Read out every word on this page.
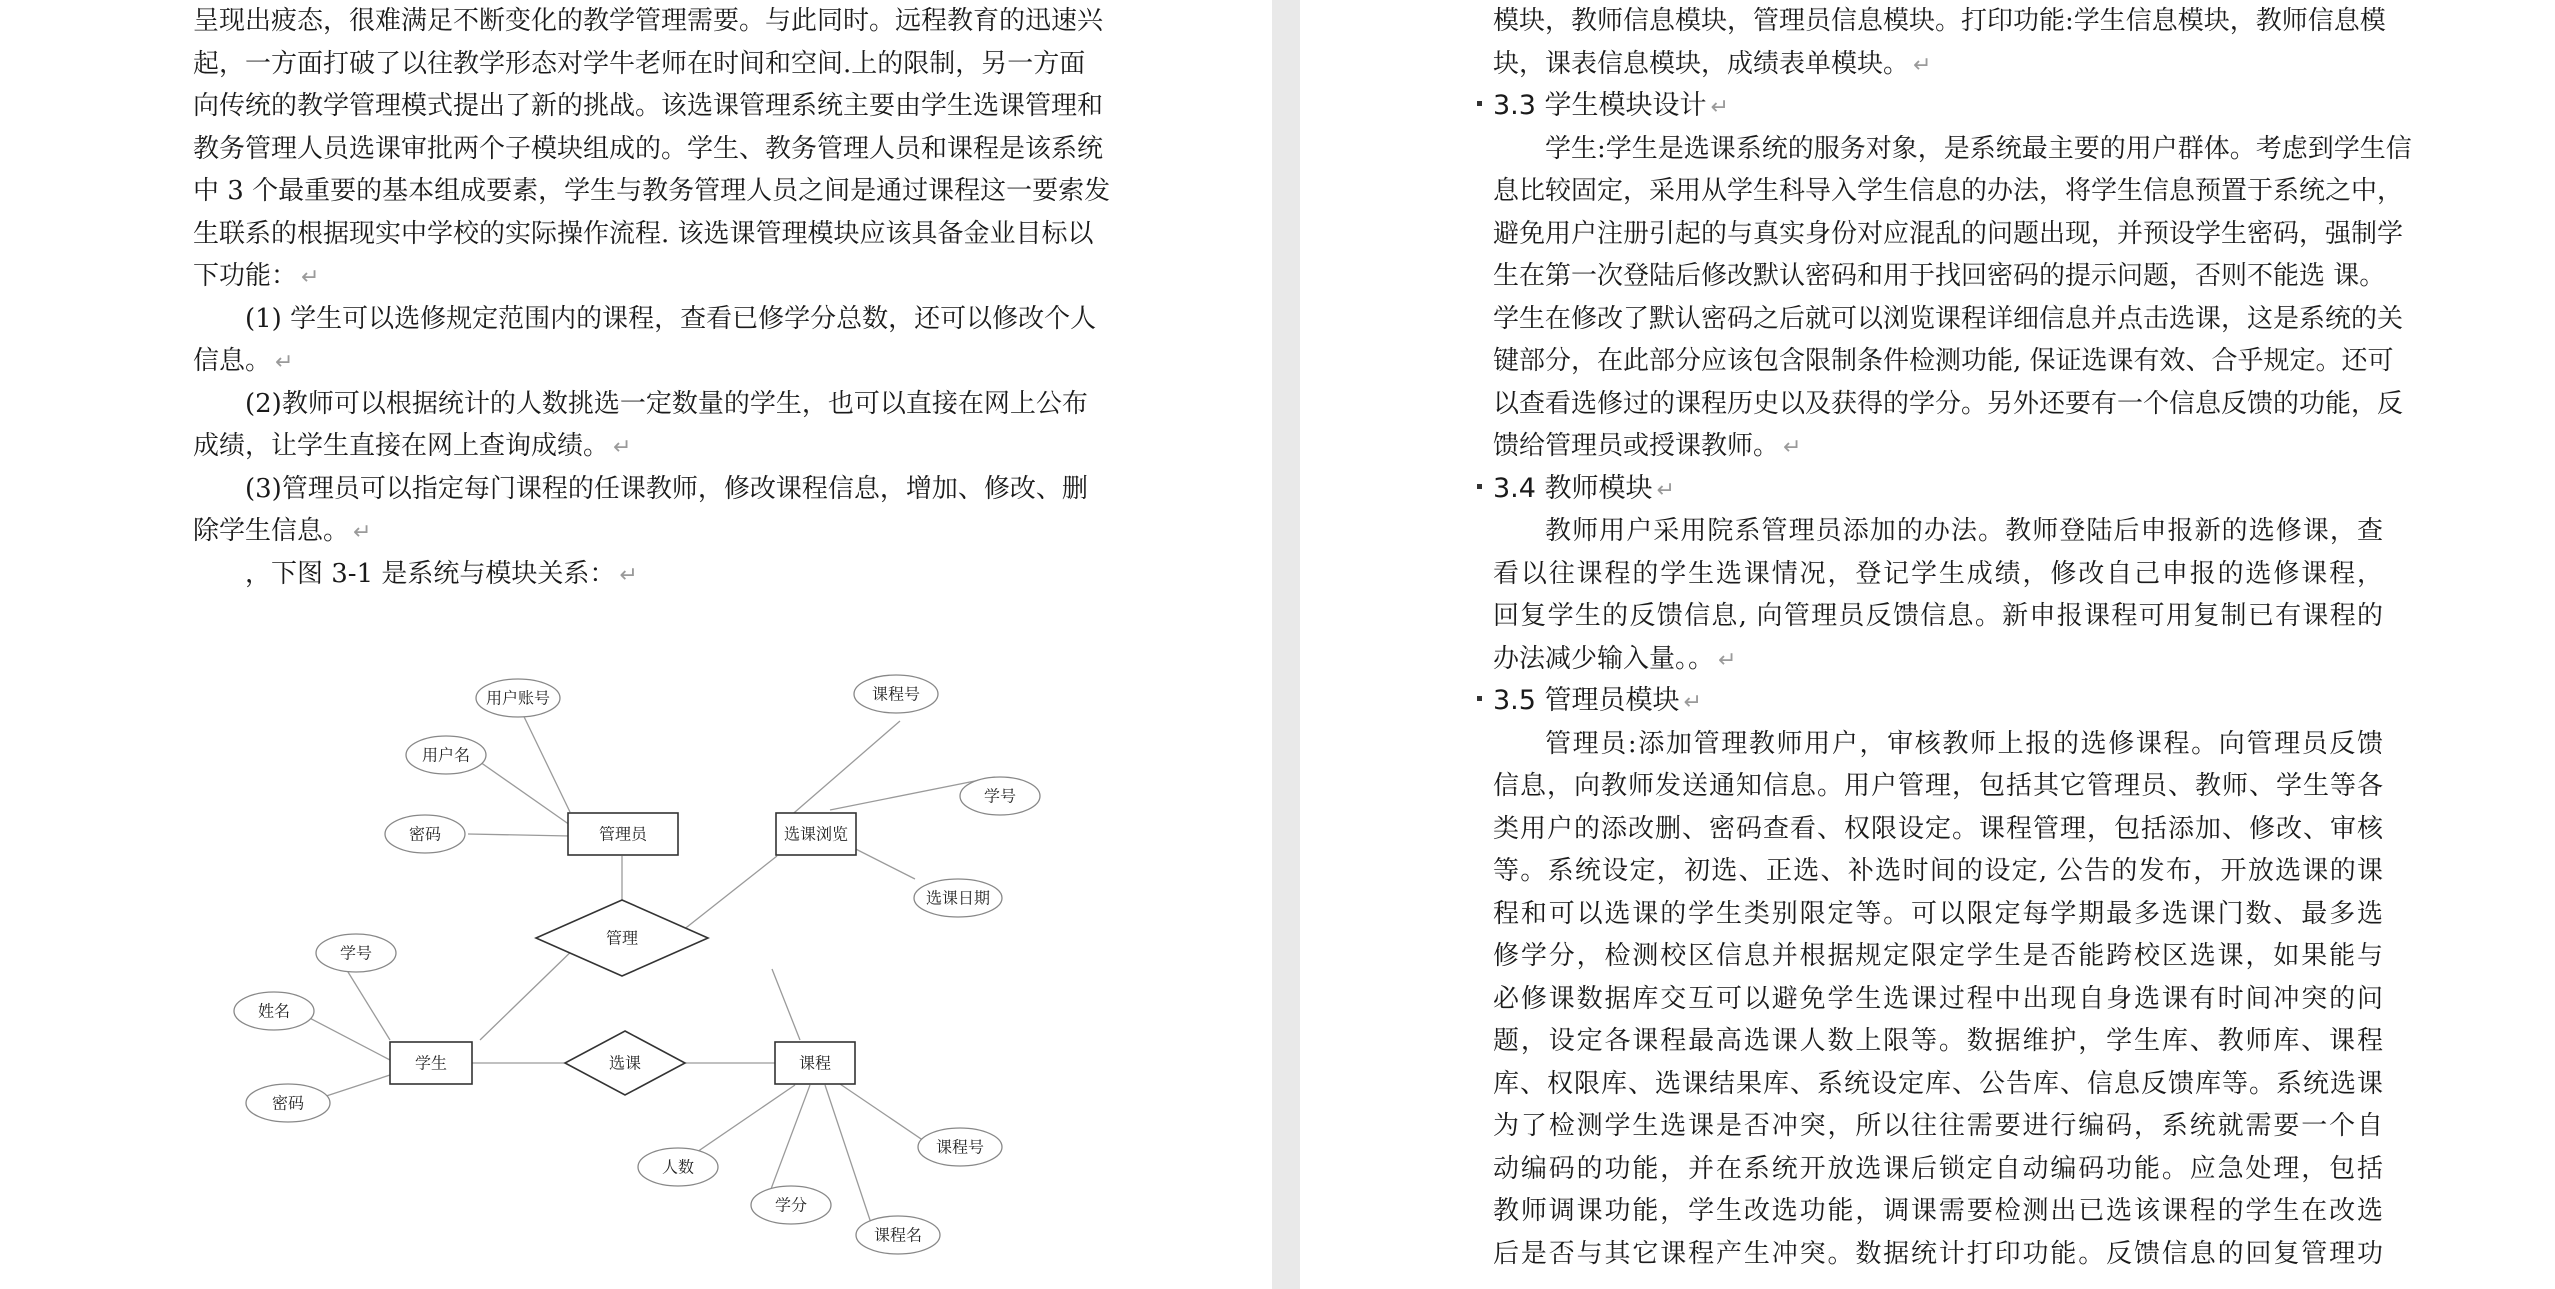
呈现出疲态，很难满足不断变化的教学管理需要。与此同时。远程教育的迅速兴
起，一方面打破了以往教学形态对学牛老师在时间和空间.上的限制，另一方面
向传统的教学管理模式提出了新的挑战。该选课管理系统主要由学生选课管理和
教务管理人员选课审批两个子模块组成的。学生、教务管理人员和课程是该系统
中 3 个最重要的基本组成要素，学生与教务管理人员之间是通过课程这一要索发
生联系的根据现实中学校的实际操作流程. 该选课管理模块应该具备金业目标以
下功能： ↵
(1) 学生可以选修规定范围内的课程，查看已修学分总数，还可以修改个人
信息。 ↵
(2)教师可以根据统计的人数挑选一定数量的学生，也可以直接在网上公布
成绩，让学生直接在网上查询成绩。 ↵
(3)管理员可以指定每门课程的任课教师，修改课程信息，增加、修改、删
除学生信息。 ↵
，下图 3-1 是系统与模块关系： ↵
管理员	选课浏览
学生	课程
管理
选课
用户账号
用户名
密码
课程号
学号
选课日期
学号
姓名
密码
人数
学分
课程名
课程号
模块，教师信息模块，管理员信息模块。打印功能:学生信息模块，教师信息模
块，课表信息模块，成绩表单模块。 ↵
3.3 学生模块设计 ↵
学生:学生是选课系统的服务对象，是系统最主要的用户群体。考虑到学生信
息比较固定，采用从学生科导入学生信息的办法，将学生信息预置于系统之中，
避免用户注册引起的与真实身份对应混乱的问题出现，并预设学生密码，强制学
生在第一次登陆后修改默认密码和用于找回密码的提示问题，否则不能选 课。
学生在修改了默认密码之后就可以浏览课程详细信息并点击选课，这是系统的关
键部分，在此部分应该包含限制条件检测功能, 保证选课有效、合乎规定。还可
以查看选修过的课程历史以及获得的学分。另外还要有一个信息反馈的功能，反
馈给管理员或授课教师。 ↵
3.4 教师模块 ↵
教师用户采用院系管理员添加的办法。教师登陆后申报新的选修课，查
看以往课程的学生选课情况，登记学生成绩，修改自己申报的选修课程，
回复学生的反馈信息, 向管理员反馈信息。新申报课程可用复制已有课程的
办法减少输入量。。 ↵
3.5 管理员模块 ↵
管理员:添加管理教师用户，审核教师上报的选修课程。向管理员反馈
信息，向教师发送通知信息。用户管理，包括其它管理员、教师、学生等各
类用户的添改删、密码查看、权限设定。课程管理，包括添加、修改、审核
等。系统设定，初选、正选、补选时间的设定, 公告的发布，开放选课的课
程和可以选课的学生类别限定等。可以限定每学期最多选课门数、最多选
修学分，检测校区信息并根据规定限定学生是否能跨校区选课，如果能与
必修课数据库交互可以避免学生选课过程中出现自身选课有时间冲突的问
题，设定各课程最高选课人数上限等。数据维护，学生库、教师库、课程
库、权限库、选课结果库、系统设定库、公告库、信息反馈库等。系统选课
为了检测学生选课是否冲突，所以往往需要进行编码，系统就需要一个自
动编码的功能，并在系统开放选课后锁定自动编码功能。应急处理，包括
教师调课功能，学生改选功能，调课需要检测出已选该课程的学生在改选
后是否与其它课程产生冲突。数据统计打印功能。反馈信息的回复管理功
